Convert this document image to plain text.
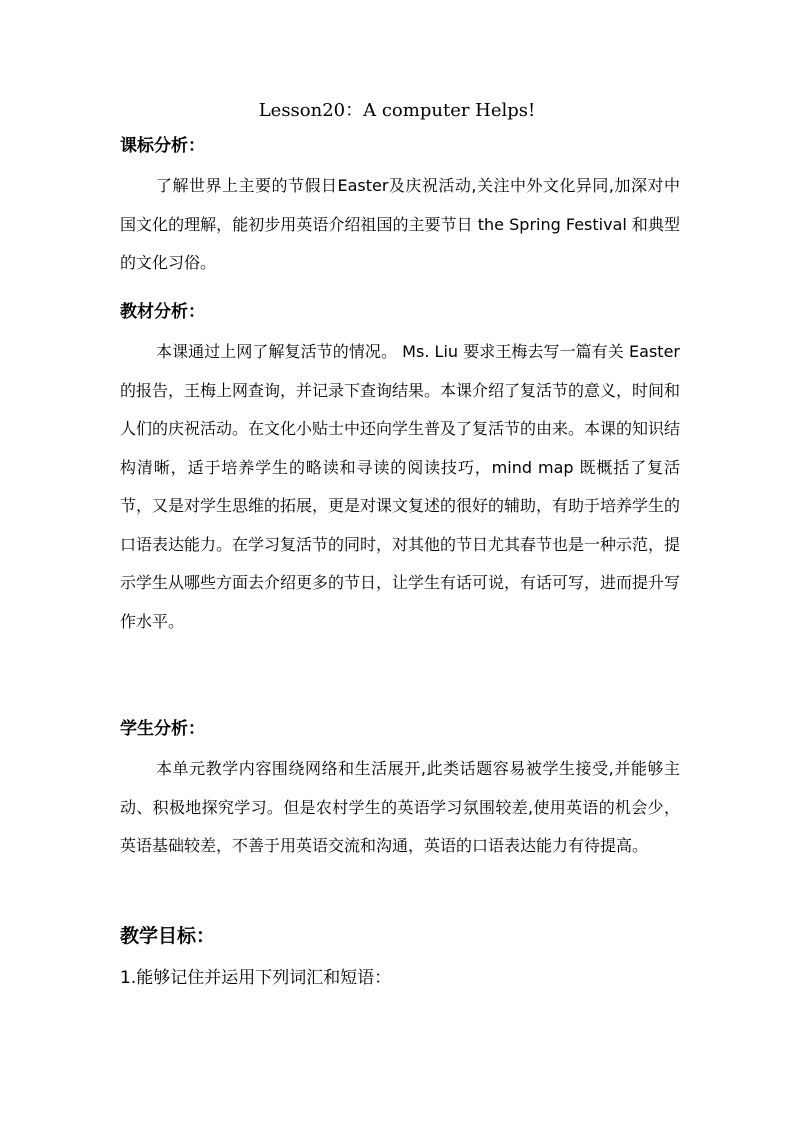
Lesson20：A computer Helps!
课标分析：
了解世界上主要的节假日Easter及庆祝活动,关注中外文化异同,加深对中国文化的理解，能初步用英语介绍祖国的主要节日 the Spring Festival 和典型的文化习俗。
教材分析：
本课通过上网了解复活节的情况。 Ms. Liu 要求王梅去写一篇有关 Easter 的报告，王梅上网查询，并记录下查询结果。本课介绍了复活节的意义，时间和人们的庆祝活动。在文化小贴士中还向学生普及了复活节的由来。本课的知识结构清晰，适于培养学生的略读和寻读的阅读技巧，mind map 既概括了复活节，又是对学生思维的拓展，更是对课文复述的很好的辅助，有助于培养学生的口语表达能力。在学习复活节的同时，对其他的节日尤其春节也是一种示范，提示学生从哪些方面去介绍更多的节日，让学生有话可说，有话可写，进而提升写作水平。
学生分析：
本单元教学内容围绕网络和生活展开,此类话题容易被学生接受,并能够主动、积极地探究学习。但是农村学生的英语学习氛围较差,使用英语的机会少，英语基础较差，不善于用英语交流和沟通，英语的口语表达能力有待提高。
教学目标：
1.能够记住并运用下列词汇和短语：
